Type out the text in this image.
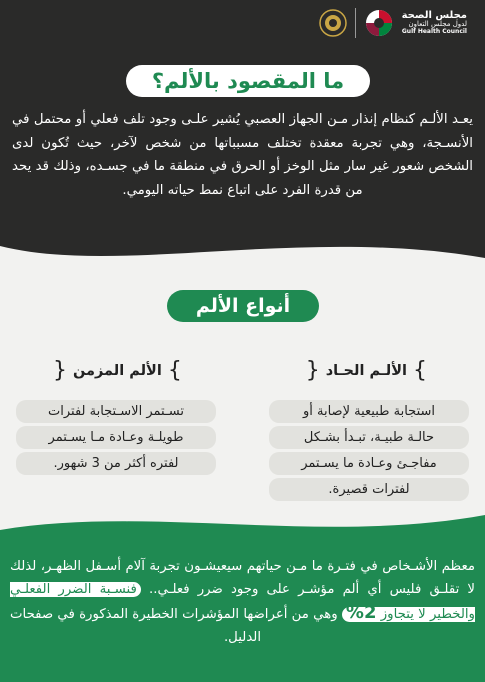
مجلس الصحة
لدول مجلس التعاون
Gulf Health Council
ما المقصود بالألم؟
يعـد الألـم كنظام إنذار مـن الجهاز العصبي يُشير علـى وجود تلف فعلي أو محتمل في الأنسـجة، وهي تجربة معقدة تختلف مسبباتها من شخص لآخر، حيث تُكون لدى الشخص شعور غير سار مثل الوخز أو الحرق في منطقة ما في جسـده، وذلك قد يحد من قدرة الفرد على اتباع نمط حياته اليومي.
أنواع الألم
}
الألـم الحـاد
{
}
الألم المزمن
{
استجابة طبيعية لإصابة أو
حالـة طبيـة، تبـدأ بشـكل
مفاجـئ وعـادة ما يسـتمر
لفترات قصيرة.
تسـتمر الاسـتجابة لفترات
طويلـة وعـادة مـا يسـتمر
لفتره أكثر من 3 شهور.
معظم الأشـخاص في فتـرة ما مـن حياتهم سيعيشـون تجربة آلام أسـفل الظهـر، لذلك لا تقلـق فليس أي ألم مؤشـر على وجود ضرر فعلـي.. فنسـبة الضرر الفعلـي والخطير لا يتجاوز 2% وهي من أعراضها المؤشرات الخطيرة المذكورة في صفحات الدليل.
